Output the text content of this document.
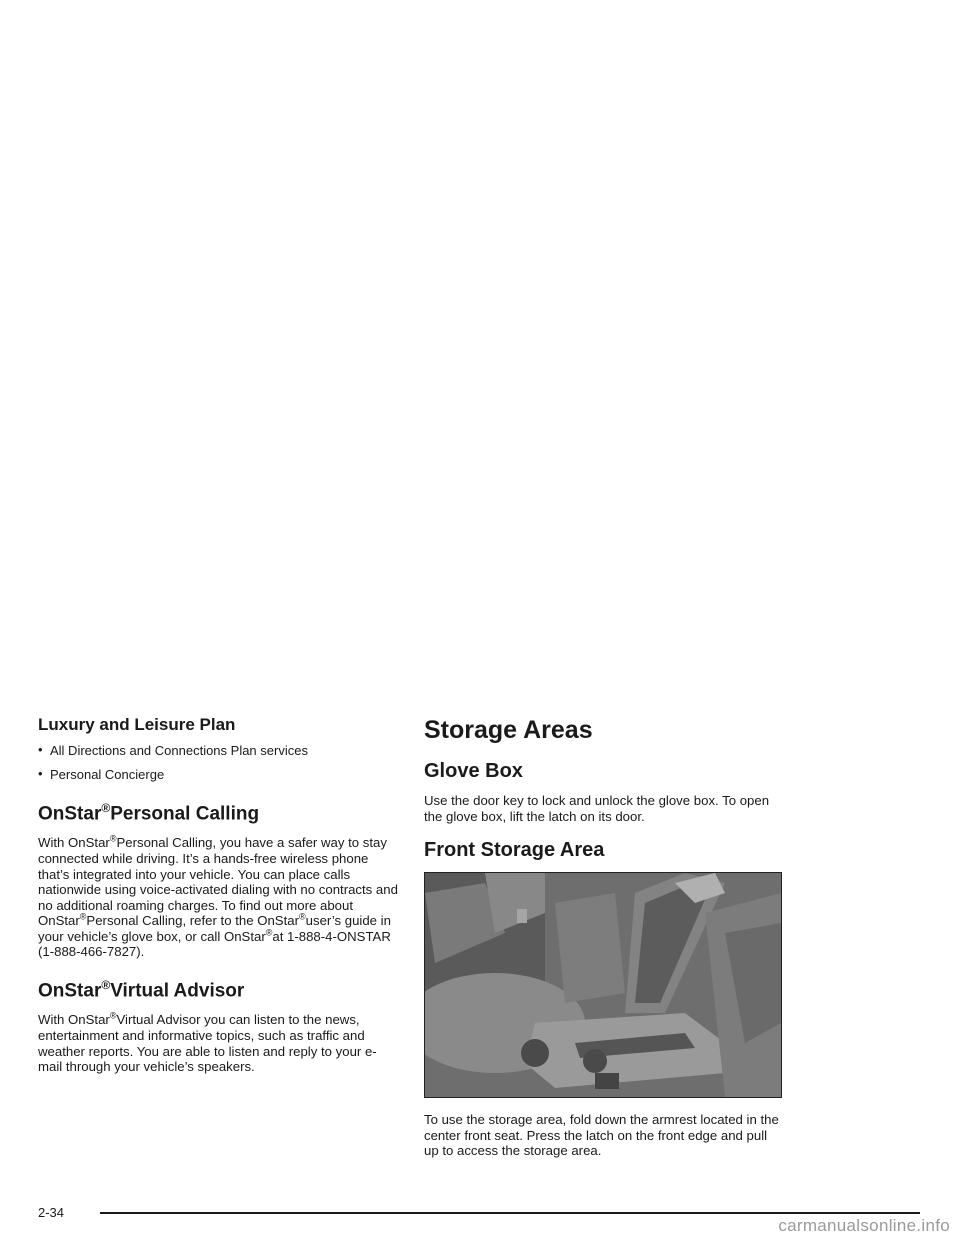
Luxury and Leisure Plan
• All Directions and Connections Plan services
• Personal Concierge
OnStar®Personal Calling

With OnStar®Personal Calling, you have a safer way to stay connected while driving. It’s a hands-free wireless phone that’s integrated into your vehicle. You can place calls nationwide using voice-activated dialing with no contracts and no additional roaming charges. To find out more about OnStar®Personal Calling, refer to the OnStar®user’s guide in your vehicle’s glove box, or call OnStar®at 1-888-4-ONSTAR (1-888-466-7827).

OnStar®Virtual Advisor

With OnStar®Virtual Advisor you can listen to the news, entertainment and informative topics, such as traffic and weather reports. You are able to listen and reply to your e-mail through your vehicle’s speakers.

Storage Areas
Glove Box

Use the door key to lock and unlock the glove box. To open the glove box, lift the latch on its door.

Front Storage Area

To use the storage area, fold down the armrest located in the center front seat. Press the latch on the front edge and pull up to access the storage area.

2-34
carmanualsonline.info
